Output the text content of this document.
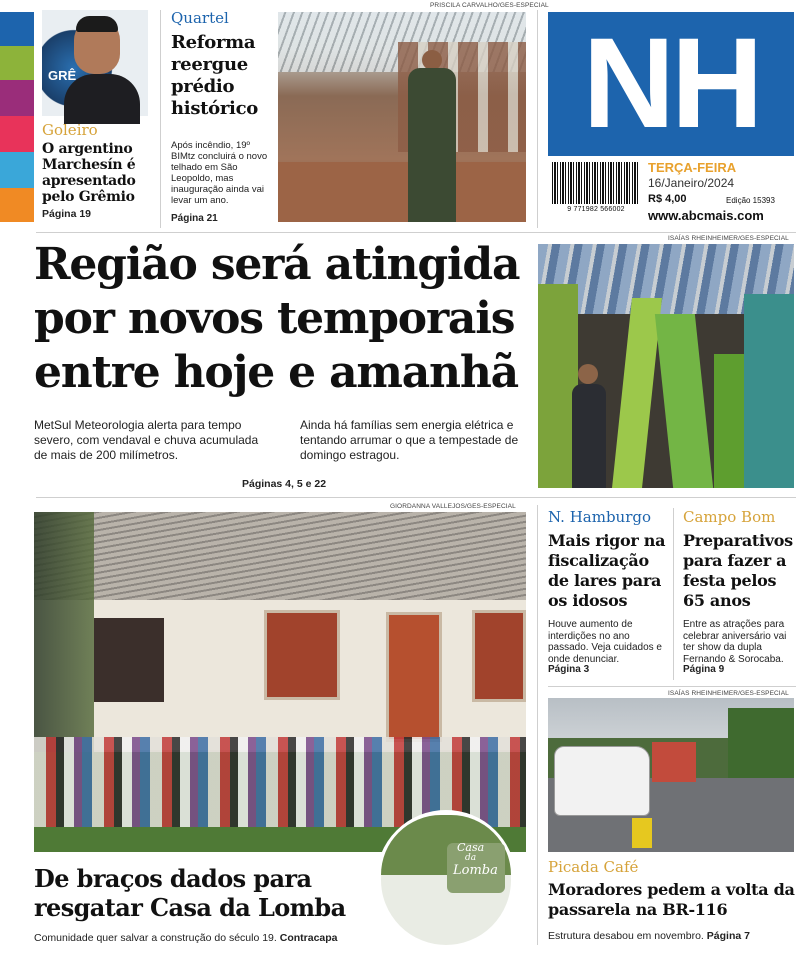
GRÊ
Goleiro
O argentino Marchesín é apresentado pelo Grêmio
Página 19
Quartel
Reforma reergue prédio histórico
Após incêndio, 19º BIMtz concluirá o novo telhado em São Leopoldo, mas inauguração ainda vai levar um ano.
Página 21
PRISCILA CARVALHO/GES-ESPECIAL
NH
9 771982 566002
TERÇA-FEIRA
16/Janeiro/2024
R$ 4,00	Edição 15393
www.abcmais.com
Região será atingida por novos temporais entre hoje e amanhã
MetSul Meteorologia alerta para tempo severo, com vendaval e chuva acumulada de mais de 200 milímetros.
Ainda há famílias sem energia elétrica e tentando arrumar o que a tempestade de domingo estragou.
Páginas 4, 5 e 22
ISAÍAS RHEINHEIMER/GES-ESPECIAL
GIORDANNA VALLEJOS/GES-ESPECIAL
Casa
da
Lomba
De braços dados para resgatar Casa da Lomba
Comunidade quer salvar a construção do século 19. Contracapa
N. Hamburgo
Mais rigor na fiscalização de lares para os idosos
Houve aumento de interdições no ano passado. Veja cuidados e onde denunciar.
Página 3
Campo Bom
Preparativos para fazer a festa pelos 65 anos
Entre as atrações para celebrar aniversário vai ter show da dupla Fernando & Sorocaba.
Página 9
ISAÍAS RHEINHEIMER/GES-ESPECIAL
Picada Café
Moradores pedem a volta da passarela na BR-116
Estrutura desabou em novembro. Página 7
